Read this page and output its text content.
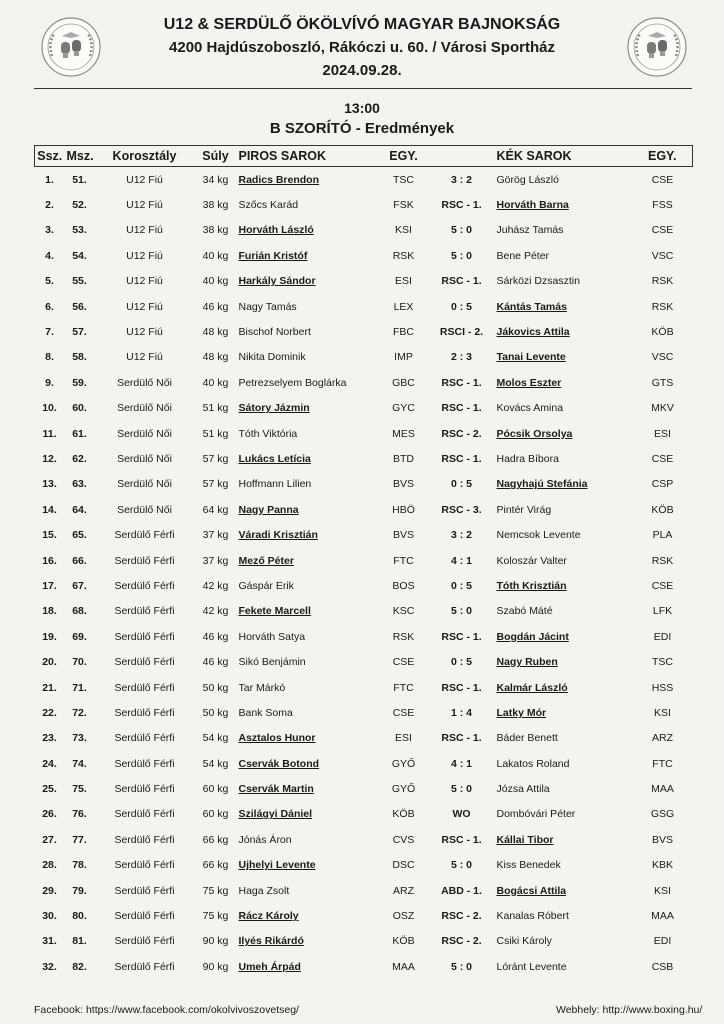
U12 & SERDÜLŐ ÖKÖLVÍVÓ MAGYAR BAJNOKSÁG
4200 Hajdúszoboszló, Rákóczi u. 60. / Városi Sportház
2024.09.28.
13:00
B SZORÍTÓ - Eredmények
Ssz.	Msz.	Korosztály	Súly	PIROS SAROK	EGY.		KÉK SAROK	EGY.
1.	51.	U12 Fiú	34 kg	Radics Brendon	TSC	3 : 2	Görög László	CSE
2.	52.	U12 Fiú	38 kg	Szőcs Karád	FSK	RSC - 1.	Horváth Barna	FSS
3.	53.	U12 Fiú	38 kg	Horváth László	KSI	5 : 0	Juhász Tamás	CSE
4.	54.	U12 Fiú	40 kg	Furián Kristóf	RSK	5 : 0	Bene Péter	VSC
5.	55.	U12 Fiú	40 kg	Harkály Sándor	ESI	RSC - 1.	Sárközi Dzsasztin	RSK
6.	56.	U12 Fiú	46 kg	Nagy Tamás	LEX	0 : 5	Kántás Tamás	RSK
7.	57.	U12 Fiú	48 kg	Bischof Norbert	FBC	RSCI - 2.	Jákovics Attila	KÖB
8.	58.	U12 Fiú	48 kg	Nikita Dominik	IMP	2 : 3	Tanai Levente	VSC
9.	59.	Serdülő Női	40 kg	Petrezselyem Boglárka	GBC	RSC - 1.	Molos Eszter	GTS
10.	60.	Serdülő Női	51 kg	Sátory Jázmin	GYC	RSC - 1.	Kovács Amina	MKV
11.	61.	Serdülő Női	51 kg	Tóth Viktória	MES	RSC - 2.	Pócsik Orsolya	ESI
12.	62.	Serdülő Női	57 kg	Lukács Letícia	BTD	RSC - 1.	Hadra Bíbora	CSE
13.	63.	Serdülő Női	57 kg	Hoffmann Lilien	BVS	0 : 5	Nagyhajú Stefánia	CSP
14.	64.	Serdülő Női	64 kg	Nagy Panna	HBÖ	RSC - 3.	Pintér Virág	KÖB
15.	65.	Serdülő Férfi	37 kg	Váradi Krisztián	BVS	3 : 2	Nemcsok Levente	PLA
16.	66.	Serdülő Férfi	37 kg	Mező Péter	FTC	4 : 1	Koloszár Valter	RSK
17.	67.	Serdülő Férfi	42 kg	Gáspár Erik	BOS	0 : 5	Tóth Krisztián	CSE
18.	68.	Serdülő Férfi	42 kg	Fekete Marcell	KSC	5 : 0	Szabó Máté	LFK
19.	69.	Serdülő Férfi	46 kg	Horváth Satya	RSK	RSC - 1.	Bogdán Jácint	EDI
20.	70.	Serdülő Férfi	46 kg	Sikó Benjámin	CSE	0 : 5	Nagy Ruben	TSC
21.	71.	Serdülő Férfi	50 kg	Tar Márkó	FTC	RSC - 1.	Kalmár László	HSS
22.	72.	Serdülő Férfi	50 kg	Bank Soma	CSE	1 : 4	Latky Mór	KSI
23.	73.	Serdülő Férfi	54 kg	Asztalos Hunor	ESI	RSC - 1.	Báder Benett	ARZ
24.	74.	Serdülő Férfi	54 kg	Cservák Botond	GYŐ	4 : 1	Lakatos Roland	FTC
25.	75.	Serdülő Férfi	60 kg	Cservák Martin	GYŐ	5 : 0	Józsa Attila	MAA
26.	76.	Serdülő Férfi	60 kg	Szilágyi Dániel	KÖB	WO	Dombóvári Péter	GSG
27.	77.	Serdülő Férfi	66 kg	Jónás Áron	CVS	RSC - 1.	Kállai Tibor	BVS
28.	78.	Serdülő Férfi	66 kg	Ujhelyi Levente	DSC	5 : 0	Kiss Benedek	KBK
29.	79.	Serdülő Férfi	75 kg	Haga Zsolt	ARZ	ABD - 1.	Bogácsi Attila	KSI
30.	80.	Serdülő Férfi	75 kg	Rácz Károly	OSZ	RSC - 2.	Kanalas Róbert	MAA
31.	81.	Serdülő Férfi	90 kg	Ilyés Rikárdó	KÖB	RSC - 2.	Csiki Károly	EDI
32.	82.	Serdülő Férfi	90 kg	Umeh Árpád	MAA	5 : 0	Lóránt Levente	CSB
Facebook: https://www.facebook.com/okolvivoszovetseg/	Webhely: http://www.boxing.hu/
